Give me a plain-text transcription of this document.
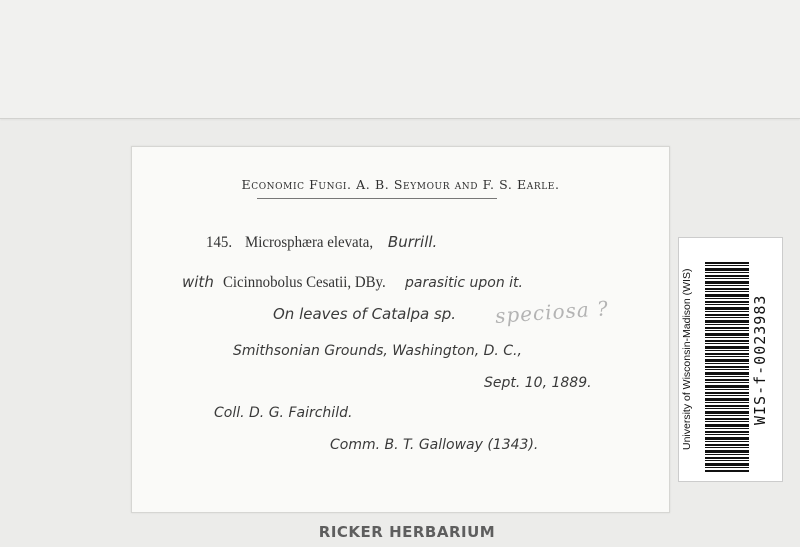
Economic Fungi. A. B. Seymour and F. S. Earle.
145. Microsphæra elevata, Burrill.
with Cicinnobolus Cesatii, DBy. parasitic upon it.
On leaves of Catalpa sp. speciosa ?
Smithsonian Grounds, Washington, D. C.,
Sept. 10, 1889.
Coll. D. G. Fairchild.
Comm. B. T. Galloway (1343).	University of Wisconsin-Madison (WIS)	WIS-f-0023983
RICKER HERBARIUM
